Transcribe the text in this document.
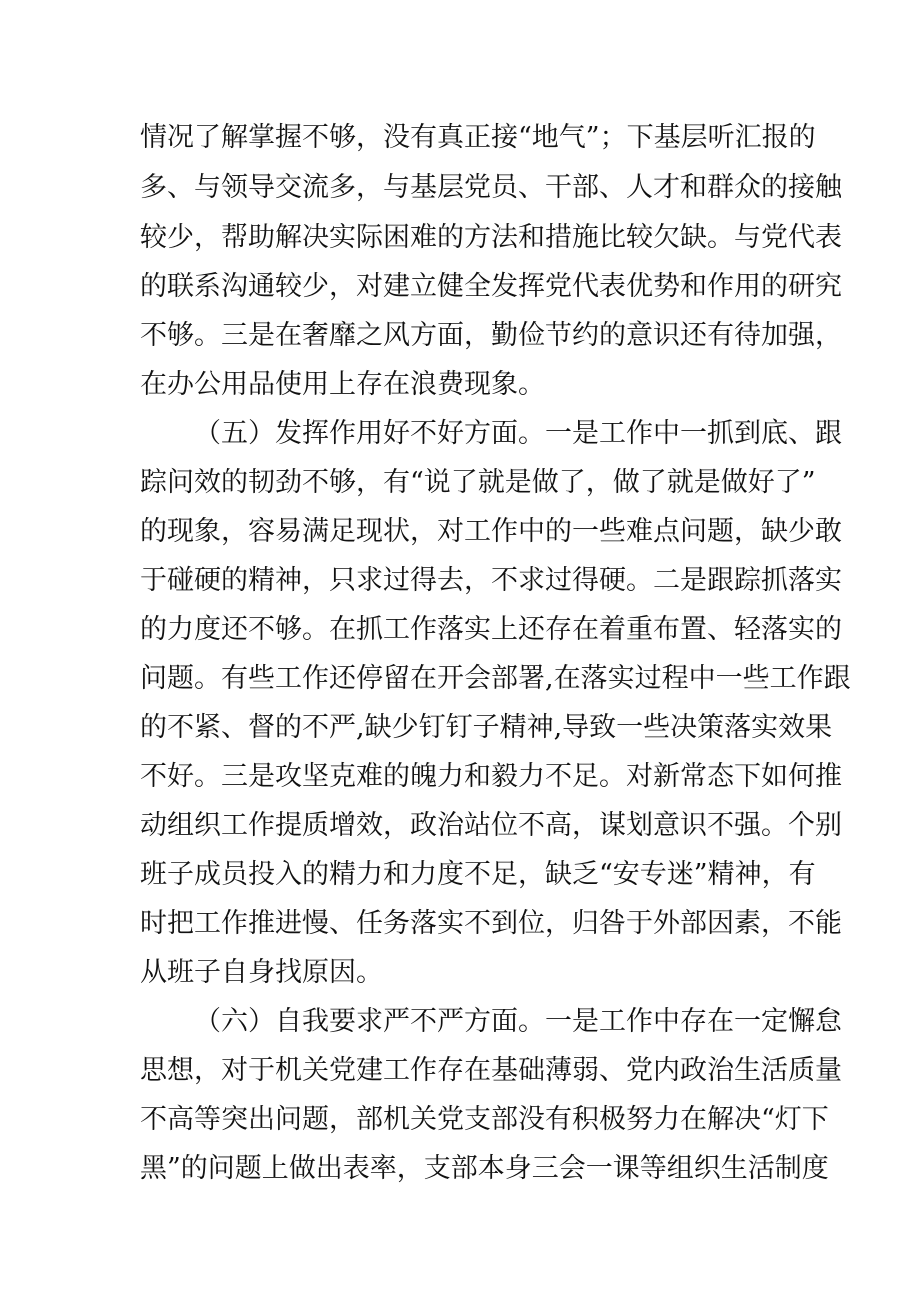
情况了解掌握不够，没有真正接“地气”；下基层听汇报的
多、与领导交流多，与基层党员、干部、人才和群众的接触
较少，帮助解决实际困难的方法和措施比较欠缺。与党代表
的联系沟通较少，对建立健全发挥党代表优势和作用的研究
不够。三是在奢靡之风方面，勤俭节约的意识还有待加强，
在办公用品使用上存在浪费现象。
（五）发挥作用好不好方面。一是工作中一抓到底、跟
踪问效的韧劲不够，有“说了就是做了，做了就是做好了”
的现象，容易满足现状，对工作中的一些难点问题，缺少敢
于碰硬的精神，只求过得去，不求过得硬。二是跟踪抓落实
的力度还不够。在抓工作落实上还存在着重布置、轻落实的
问题。有些工作还停留在开会部署,在落实过程中一些工作跟
的不紧、督的不严,缺少钉钉子精神,导致一些决策落实效果
不好。三是攻坚克难的魄力和毅力不足。对新常态下如何推
动组织工作提质增效，政治站位不高，谋划意识不强。个别
班子成员投入的精力和力度不足，缺乏“安专迷”精神，有
时把工作推进慢、任务落实不到位，归咎于外部因素，不能
从班子自身找原因。
（六）自我要求严不严方面。一是工作中存在一定懈怠
思想，对于机关党建工作存在基础薄弱、党内政治生活质量
不高等突出问题，部机关党支部没有积极努力在解决“灯下
黑”的问题上做出表率，支部本身三会一课等组织生活制度
